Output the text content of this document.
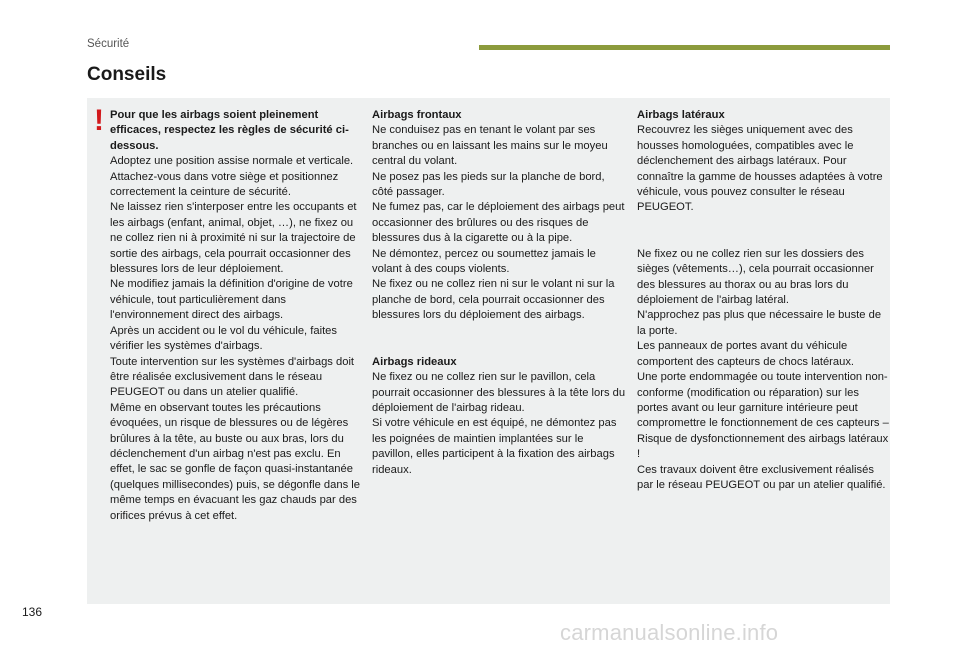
Sécurité
Conseils
! Pour que les airbags soient pleinement efficaces, respectez les règles de sécurité ci-dessous.

Adoptez une position assise normale et verticale.

Attachez-vous dans votre siège et positionnez correctement la ceinture de sécurité.

Ne laissez rien s'interposer entre les occupants et les airbags (enfant, animal, objet, …), ne fixez ou ne collez rien ni à proximité ni sur la trajectoire de sortie des airbags, cela pourrait occasionner des blessures lors de leur déploiement.

Ne modifiez jamais la définition d'origine de votre véhicule, tout particulièrement dans l'environnement direct des airbags.

Après un accident ou le vol du véhicule, faites vérifier les systèmes d'airbags.

Toute intervention sur les systèmes d'airbags doit être réalisée exclusivement dans le réseau PEUGEOT ou dans un atelier qualifié.

Même en observant toutes les précautions évoquées, un risque de blessures ou de légères brûlures à la tête, au buste ou aux bras, lors du déclenchement d'un airbag n'est pas exclu. En effet, le sac se gonfle de façon quasi-instantanée (quelques millisecondes) puis, se dégonfle dans le même temps en évacuant les gaz chauds par des orifices prévus à cet effet.

Airbags frontaux

Ne conduisez pas en tenant le volant par ses branches ou en laissant les mains sur le moyeu central du volant.

Ne posez pas les pieds sur la planche de bord, côté passager.

Ne fumez pas, car le déploiement des airbags peut occasionner des brûlures ou des risques de blessures dus à la cigarette ou à la pipe.

Ne démontez, percez ou soumettez jamais le volant à des coups violents.

Ne fixez ou ne collez rien ni sur le volant ni sur la planche de bord, cela pourrait occasionner des blessures lors du déploiement des airbags.

Airbags rideaux

Ne fixez ou ne collez rien sur le pavillon, cela pourrait occasionner des blessures à la tête lors du déploiement de l'airbag rideau.

Si votre véhicule en est équipé, ne démontez pas les poignées de maintien implantées sur le pavillon, elles participent à la fixation des airbags rideaux.

Airbags latéraux

Recouvrez les sièges uniquement avec des housses homologuées, compatibles avec le déclenchement des airbags latéraux. Pour connaître la gamme de housses adaptées à votre véhicule, vous pouvez consulter le réseau PEUGEOT.

Ne fixez ou ne collez rien sur les dossiers des sièges (vêtements…), cela pourrait occasionner des blessures au thorax ou au bras lors du déploiement de l'airbag latéral.

N'approchez pas plus que nécessaire le buste de la porte.

Les panneaux de portes avant du véhicule comportent des capteurs de chocs latéraux.

Une porte endommagée ou toute intervention non-conforme (modification ou réparation) sur les portes avant ou leur garniture intérieure peut compromettre le fonctionnement de ces capteurs – Risque de dysfonctionnement des airbags latéraux !

Ces travaux doivent être exclusivement réalisés par le réseau PEUGEOT ou par un atelier qualifié.

136
carmanualsonline.info
